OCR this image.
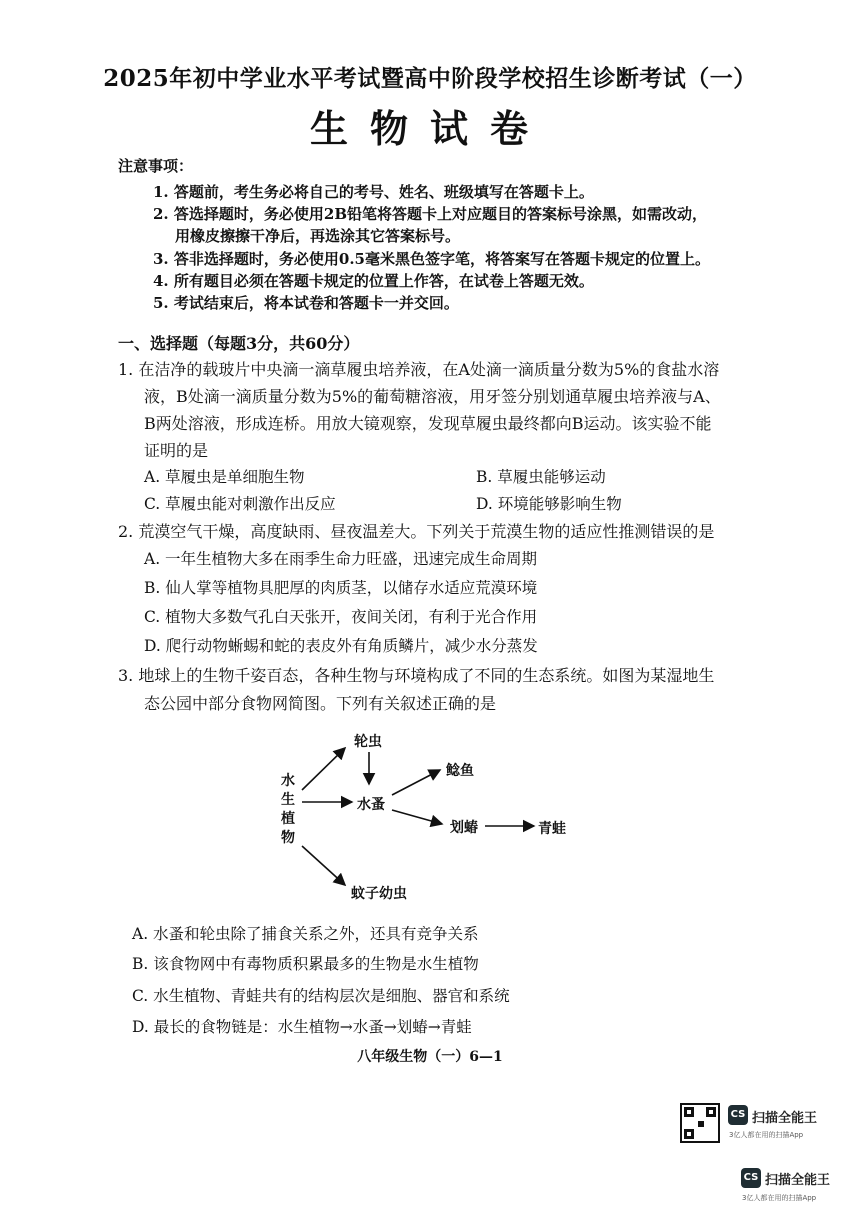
2025年初中学业水平考试暨高中阶段学校招生诊断考试（一）
生物试卷
注意事项：
1. 答题前，考生务必将自己的考号、姓名、班级填写在答题卡上。
2. 答选择题时，务必使用2B铅笔将答题卡上对应题目的答案标号涂黑，如需改动，
用橡皮擦擦干净后，再选涂其它答案标号。
3. 答非选择题时，务必使用0.5毫米黑色签字笔，将答案写在答题卡规定的位置上。
4. 所有题目必须在答题卡规定的位置上作答，在试卷上答题无效。
5. 考试结束后，将本试卷和答题卡一并交回。
一、选择题（每题3分，共60分）
1. 在洁净的载玻片中央滴一滴草履虫培养液，在A处滴一滴质量分数为5%的食盐水溶
液，B处滴一滴质量分数为5%的葡萄糖溶液，用牙签分别划通草履虫培养液与A、
B两处溶液，形成连桥。用放大镜观察，发现草履虫最终都向B运动。该实验不能
证明的是
A. 草履虫是单细胞生物	B. 草履虫能够运动
C. 草履虫能对刺激作出反应	D. 环境能够影响生物
2. 荒漠空气干燥，高度缺雨、昼夜温差大。下列关于荒漠生物的适应性推测错误的是
A. 一年生植物大多在雨季生命力旺盛，迅速完成生命周期
B. 仙人掌等植物具肥厚的肉质茎，以储存水适应荒漠环境
C. 植物大多数气孔白天张开，夜间关闭，有利于光合作用
D. 爬行动物蜥蜴和蛇的表皮外有角质鳞片，减少水分蒸发
3. 地球上的生物千姿百态，各种生物与环境构成了不同的生态系统。如图为某湿地生
态公园中部分食物网简图。下列有关叙述正确的是
水
生
植
物
轮虫
水蚤
鲶鱼
划蝽	青蛙
蚊子幼虫
A. 水蚤和轮虫除了捕食关系之外，还具有竞争关系
B. 该食物网中有毒物质积累最多的生物是水生植物
C. 水生植物、青蛙共有的结构层次是细胞、器官和系统
D. 最长的食物链是：水生植物→水蚤→划蝽→青蛙
八年级生物（一）6—1
CS 扫描全能王
3亿人都在用的扫描App
CS 扫描全能王
3亿人都在用的扫描App
